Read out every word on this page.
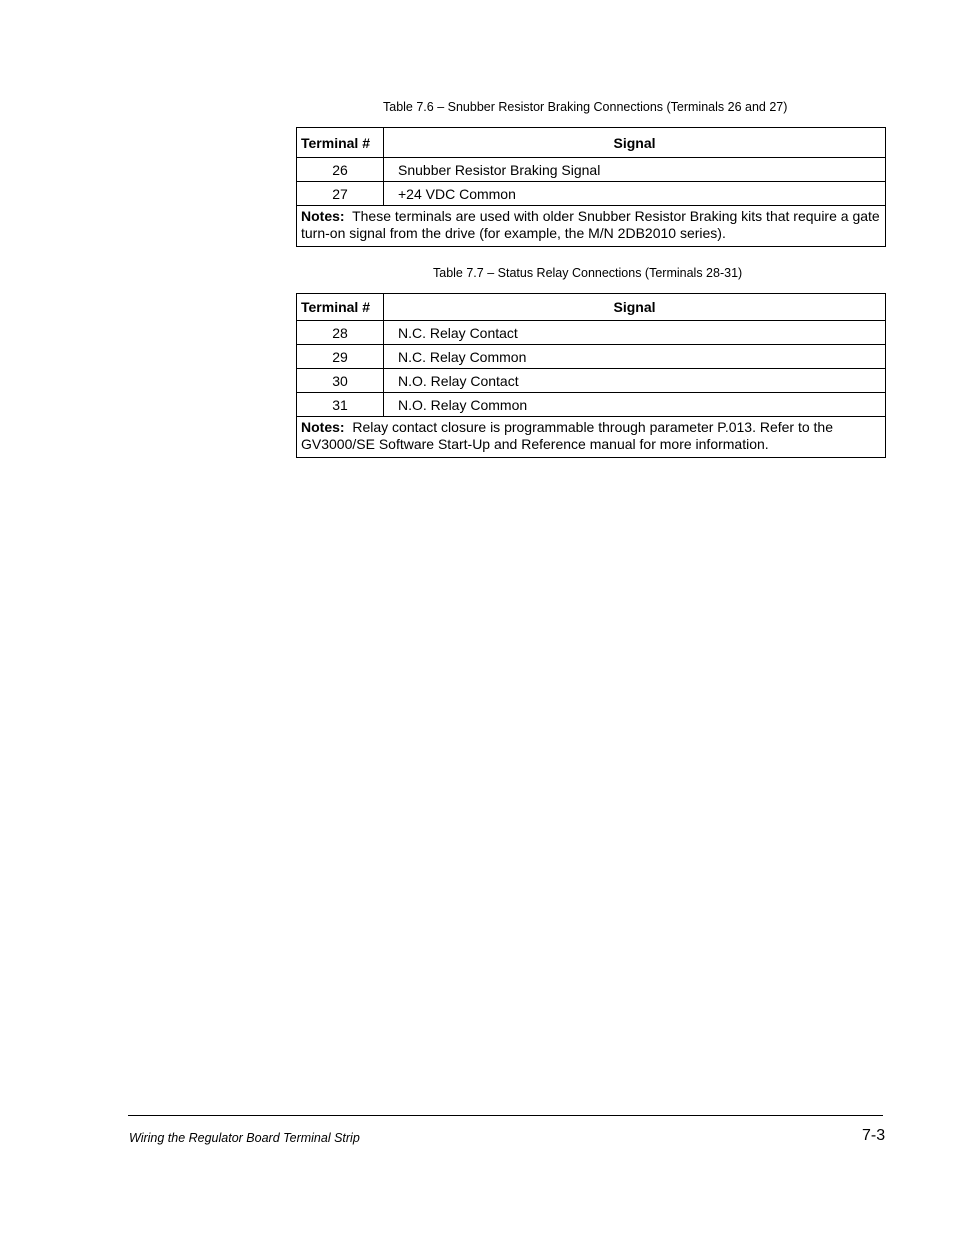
Table 7.6 – Snubber Resistor Braking Connections (Terminals 26 and 27)
Terminal #	Signal
26	Snubber Resistor Braking Signal
27	+24 VDC Common
Notes: These terminals are used with older Snubber Resistor Braking kits that require a gate turn-on signal from the drive (for example, the M/N 2DB2010 series).	
Table 7.7 – Status Relay Connections (Terminals 28-31)
Terminal #	Signal
28	N.C. Relay Contact
29	N.C. Relay Common
30	N.O. Relay Contact
31	N.O. Relay Common
Notes: Relay contact closure is programmable through parameter P.013. Refer to the GV3000/SE Software Start-Up and Reference manual for more information.	
Wiring the Regulator Board Terminal Strip	7-3
